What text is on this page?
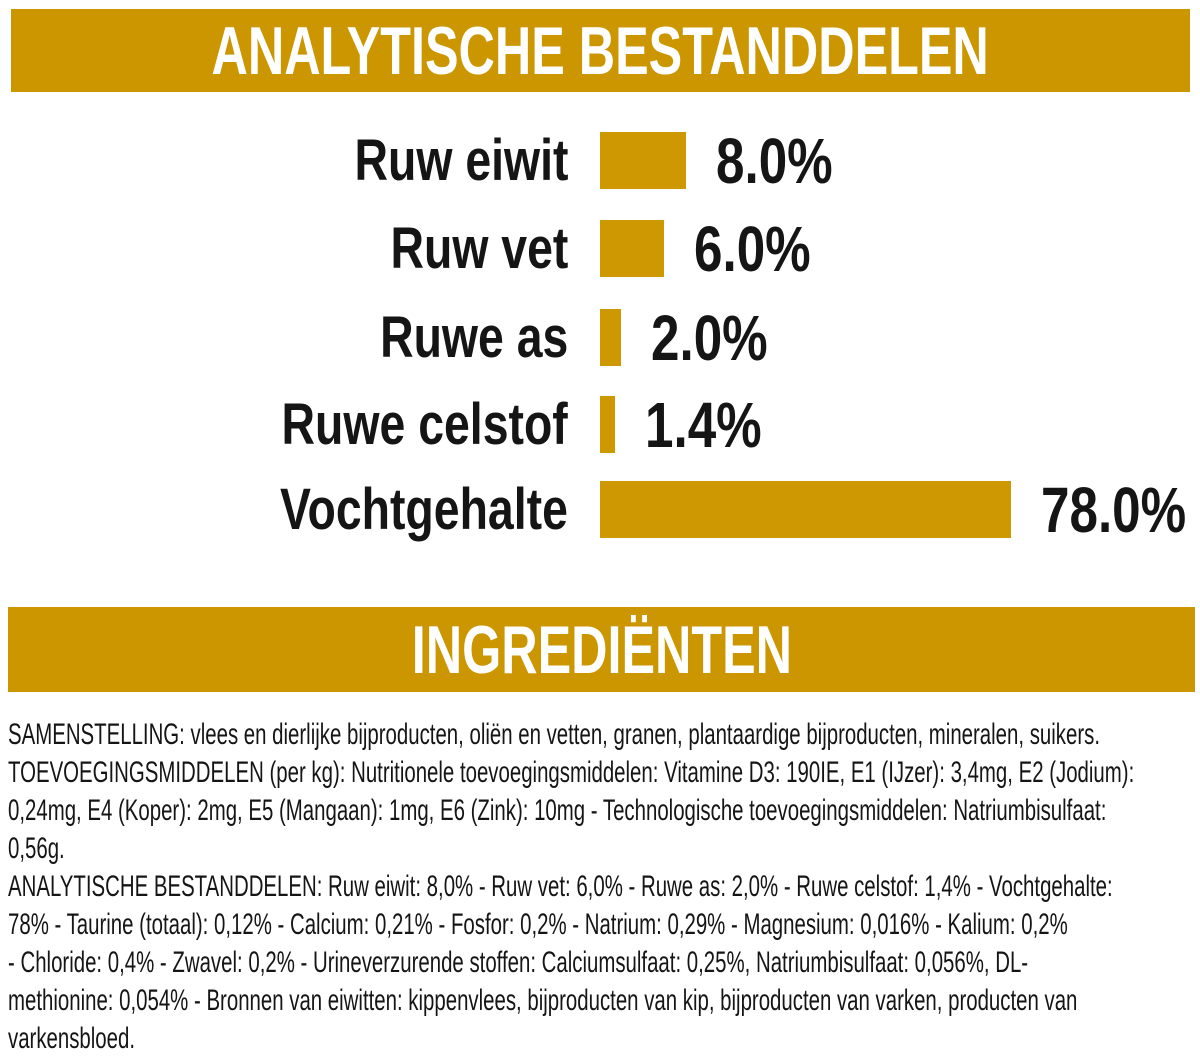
ANALYTISCHE BESTANDDELEN
Ruw eiwit 8.0%
Ruw vet 6.0%
Ruwe as 2.0%
Ruwe celstof 1.4%
Vochtgehalte	78.0%
INGREDIËNTEN
SAMENSTELLING: vlees en dierlijke bijproducten, oliën en vetten, granen, plantaardige bijproducten, mineralen, suikers.
TOEVOEGINGSMIDDELEN (per kg): Nutritionele toevoegingsmiddelen: Vitamine D3: 190IE, E1 (IJzer): 3,4mg, E2 (Jodium):
0,24mg, E4 (Koper): 2mg, E5 (Mangaan): 1mg, E6 (Zink): 10mg - Technologische toevoegingsmiddelen: Natriumbisulfaat:
0,56g.
ANALYTISCHE BESTANDDELEN: Ruw eiwit: 8,0% - Ruw vet: 6,0% - Ruwe as: 2,0% - Ruwe celstof: 1,4% - Vochtgehalte:
78% - Taurine (totaal): 0,12% - Calcium: 0,21% - Fosfor: 0,2% - Natrium: 0,29% - Magnesium: 0,016% - Kalium: 0,2%
- Chloride: 0,4% - Zwavel: 0,2% - Urineverzurende stoffen: Calciumsulfaat: 0,25%, Natriumbisulfaat: 0,056%, DL-
methionine: 0,054% - Bronnen van eiwitten: kippenvlees, bijproducten van kip, bijproducten van varken, producten van
varkensbloed.
